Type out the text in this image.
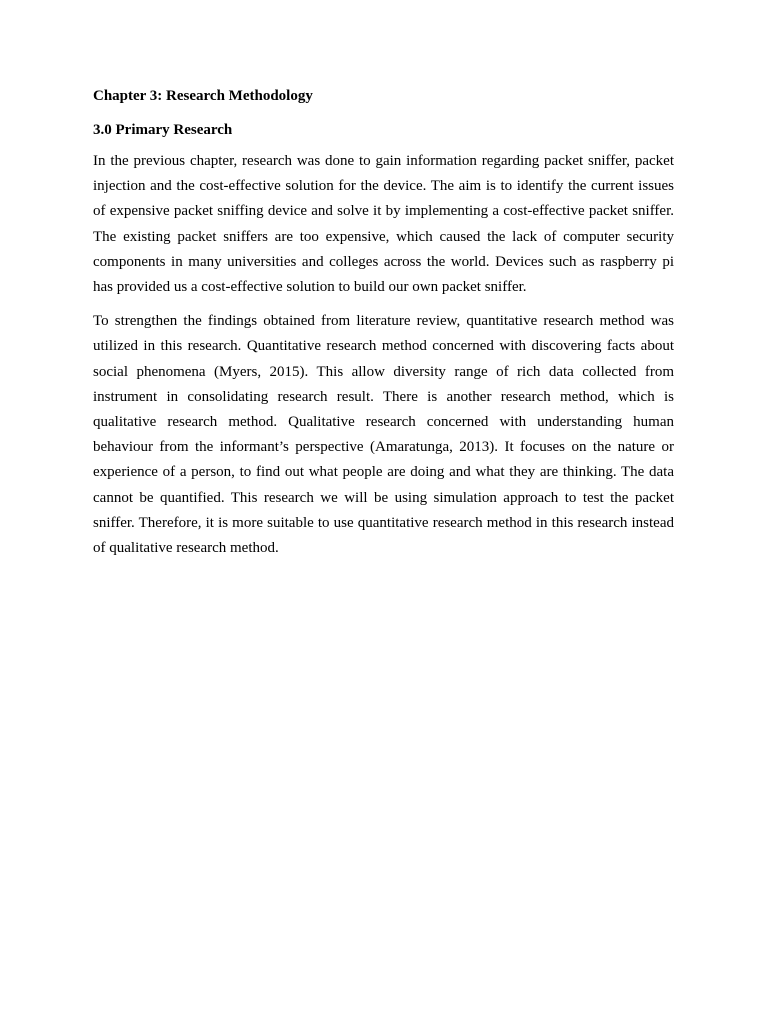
Chapter 3: Research Methodology
3.0 Primary Research

In the previous chapter, research was done to gain information regarding packet sniffer, packet injection and the cost-effective solution for the device. The aim is to identify the current issues of expensive packet sniffing device and solve it by implementing a cost-effective packet sniffer. The existing packet sniffers are too expensive, which caused the lack of computer security components in many universities and colleges across the world. Devices such as raspberry pi has provided us a cost-effective solution to build our own packet sniffer.

To strengthen the findings obtained from literature review, quantitative research method was utilized in this research. Quantitative research method concerned with discovering facts about social phenomena (Myers, 2015). This allow diversity range of rich data collected from instrument in consolidating research result. There is another research method, which is qualitative research method. Qualitative research concerned with understanding human behaviour from the informant’s perspective (Amaratunga, 2013). It focuses on the nature or experience of a person, to find out what people are doing and what they are thinking. The data cannot be quantified. This research we will be using simulation approach to test the packet sniffer. Therefore, it is more suitable to use quantitative research method in this research instead of qualitative research method.
